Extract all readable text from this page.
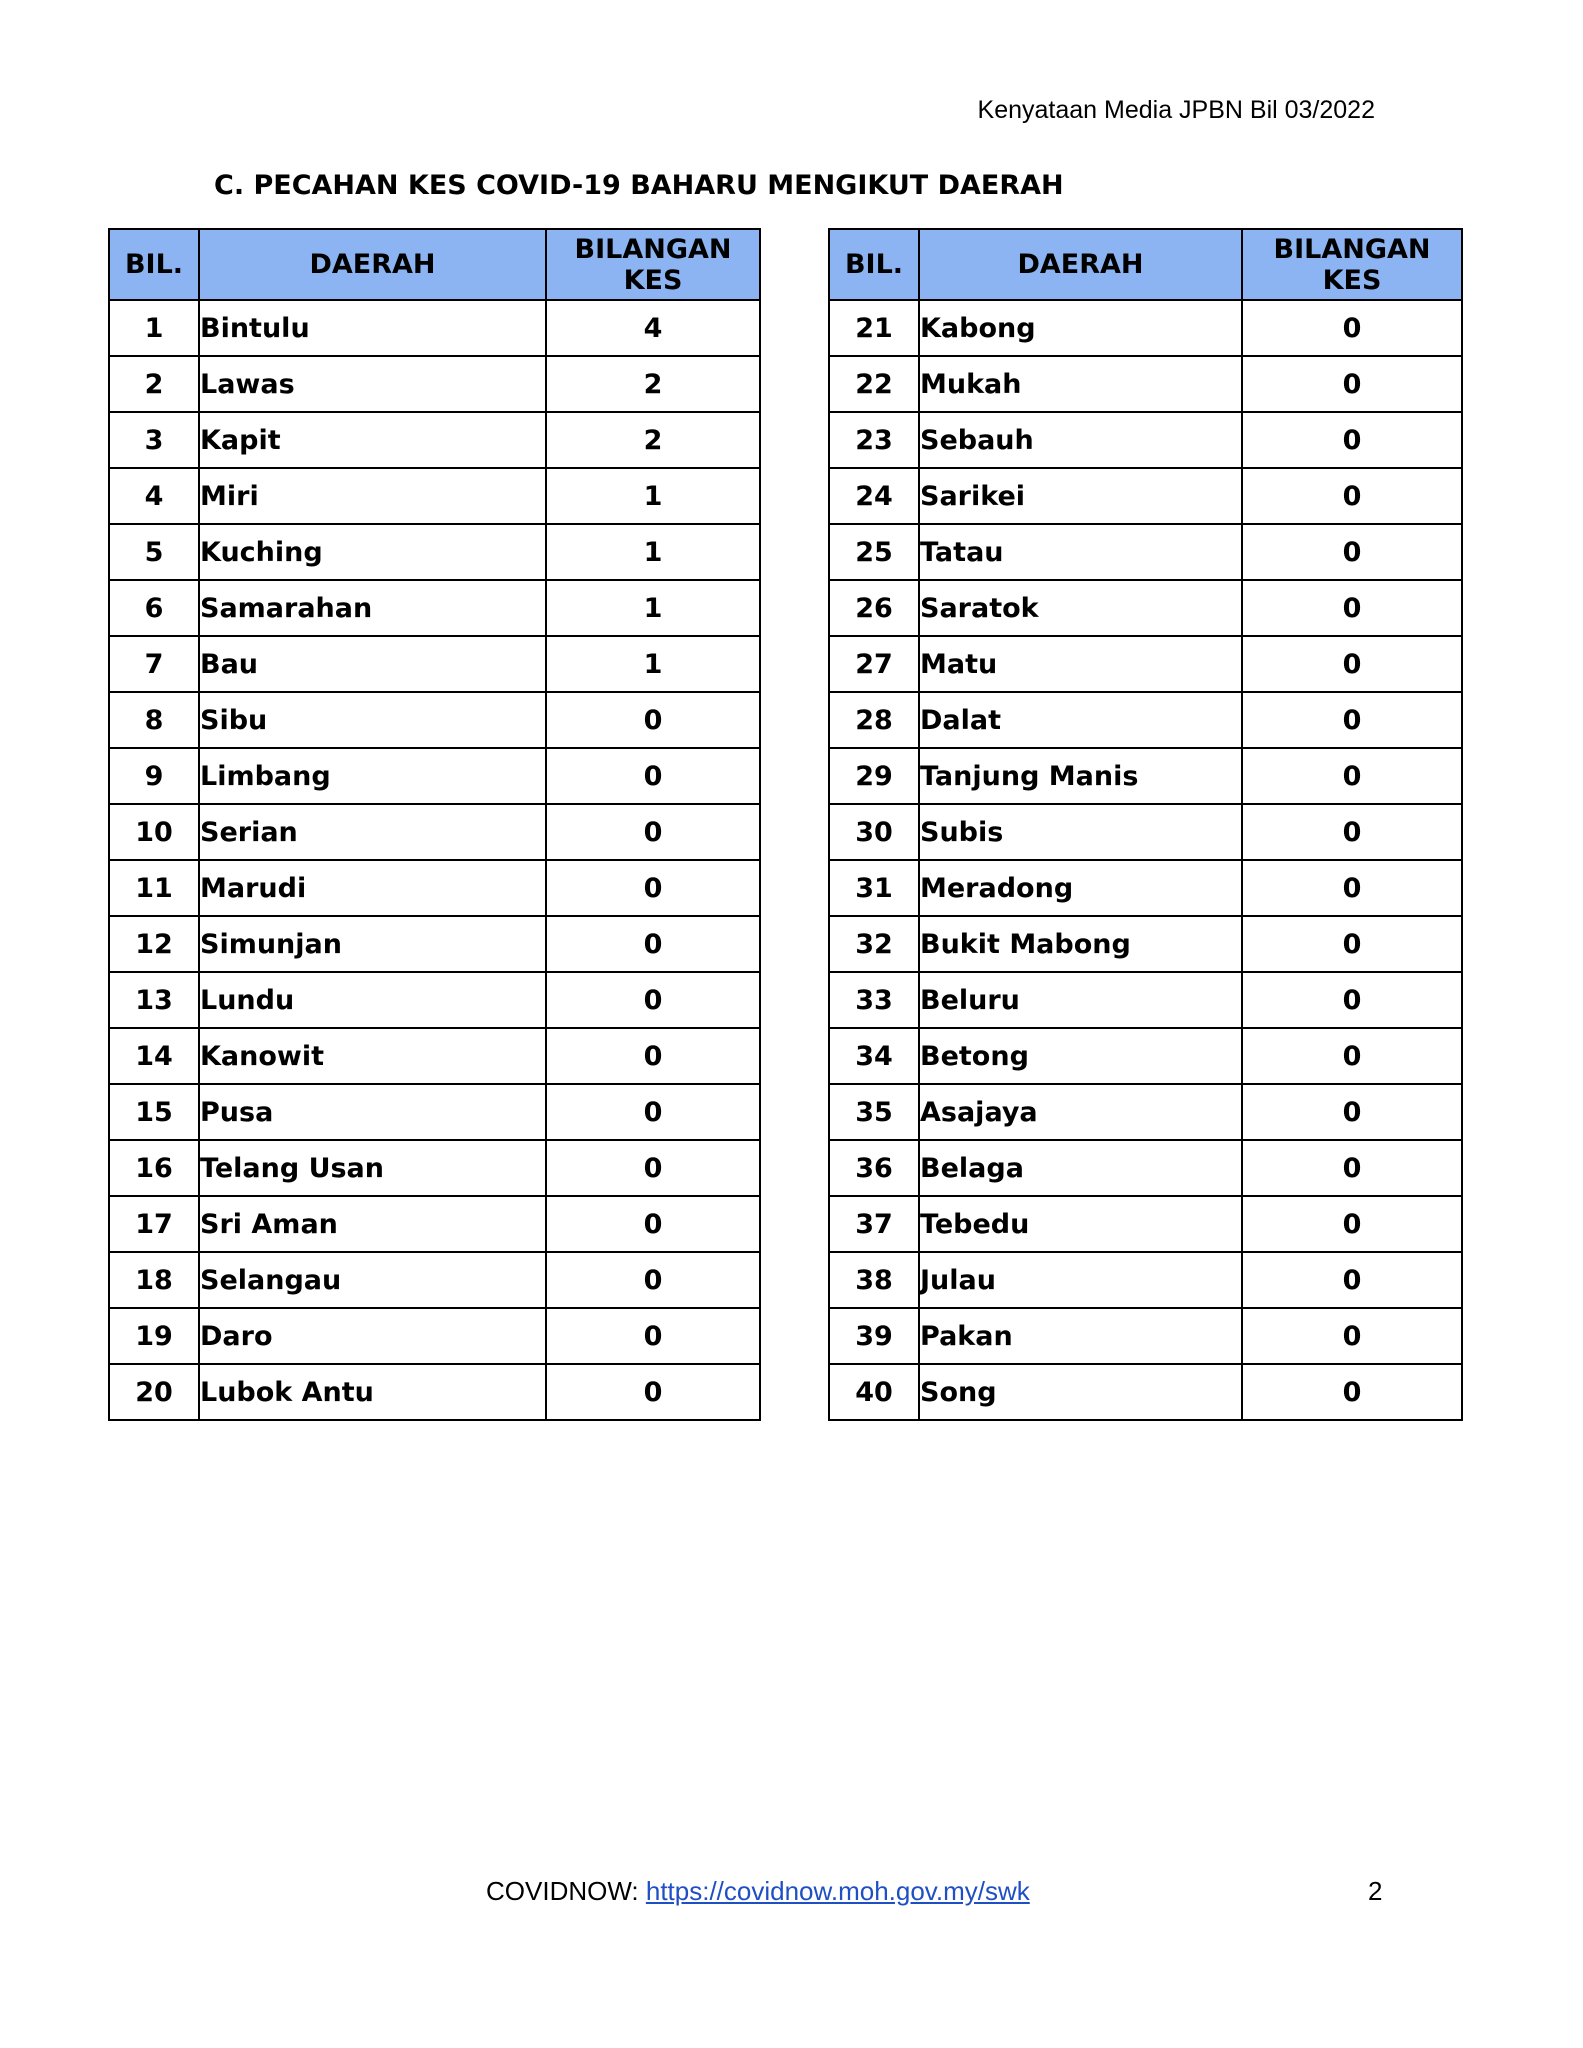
Kenyataan Media JPBN Bil 03/2022
C. PECAHAN KES COVID-19 BAHARU MENGIKUT DAERAH
BIL.	DAERAH	BILANGAN
KES
1	Bintulu	4
2	Lawas	2
3	Kapit	2
4	Miri	1
5	Kuching	1
6	Samarahan	1
7	Bau	1
8	Sibu	0
9	Limbang	0
10	Serian	0
11	Marudi	0
12	Simunjan	0
13	Lundu	0
14	Kanowit	0
15	Pusa	0
16	Telang Usan	0
17	Sri Aman	0
18	Selangau	0
19	Daro	0
20	Lubok Antu	0
BIL.	DAERAH	BILANGAN
KES
21	Kabong	0
22	Mukah	0
23	Sebauh	0
24	Sarikei	0
25	Tatau	0
26	Saratok	0
27	Matu	0
28	Dalat	0
29	Tanjung Manis	0
30	Subis	0
31	Meradong	0
32	Bukit Mabong	0
33	Beluru	0
34	Betong	0
35	Asajaya	0
36	Belaga	0
37	Tebedu	0
38	Julau	0
39	Pakan	0
40	Song	0
COVIDNOW: https://covidnow.moh.gov.my/swk	2
